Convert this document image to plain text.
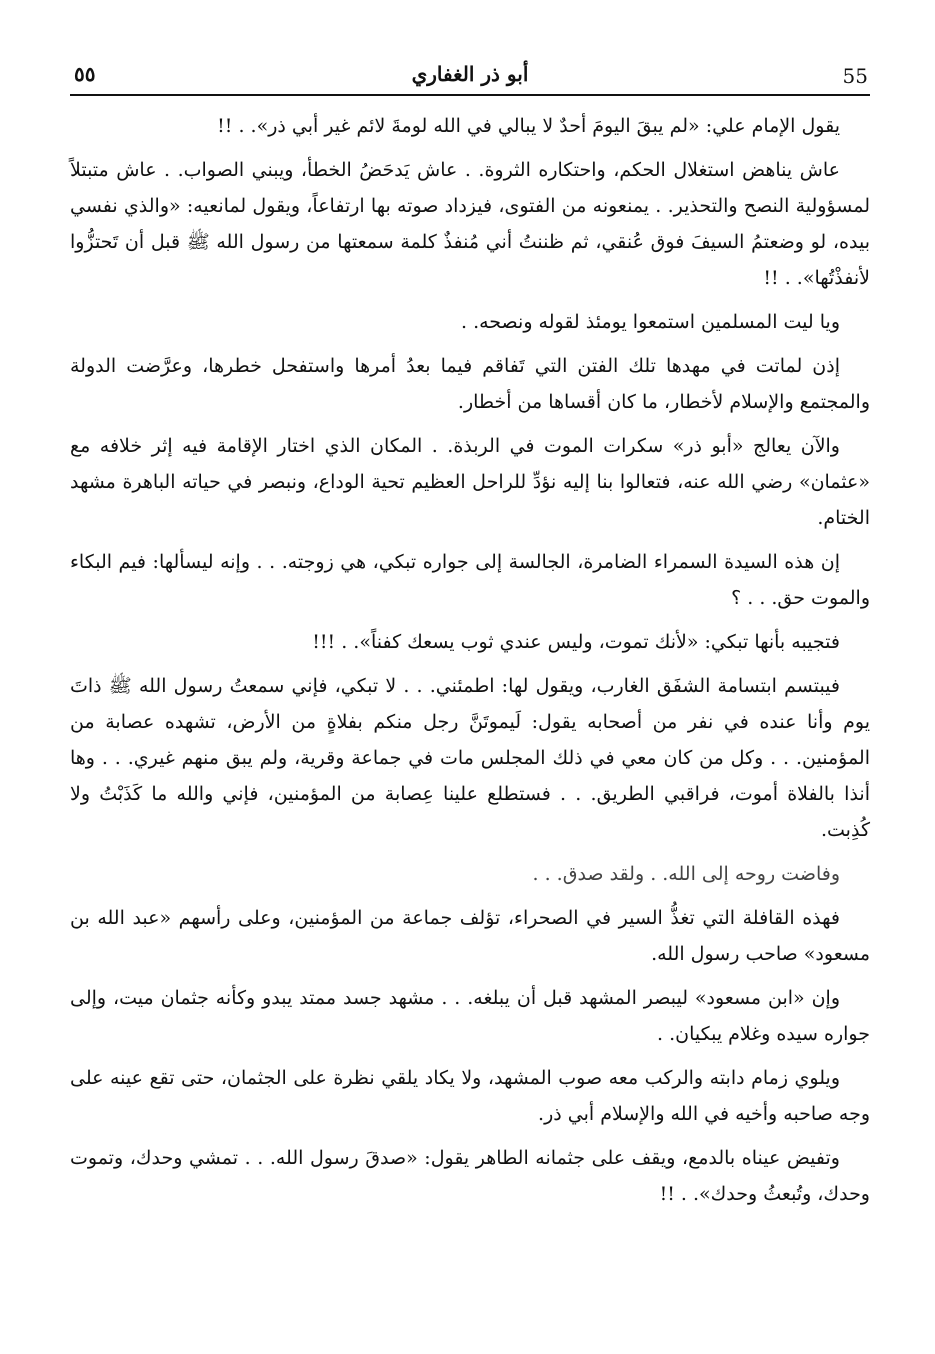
٥٥	أبو ذر الغفاري	55

يقول الإمام علي: «لم يبقَ اليومَ أحدٌ لا يبالي في الله لومةَ لائم غير أبي ذر». . !!

عاش يناهض استغلال الحكم، واحتكاره الثروة. . عاش يَدحَضُ الخطأ، ويبني الصواب. . عاش متبتلاً لمسؤولية النصح والتحذير. . يمنعونه من الفتوى، فيزداد صوته بها ارتفاعاً، ويقول لمانعيه: «والذي نفسي بيده، لو وضعتمُ السيفَ فوق عُنقي، ثم ظننتُ أني مُنفذٌ كلمة سمعتها من رسول الله ﷺ قبل أن تَحتزُّوا لأنفذْتُها». . !!

ويا ليت المسلمين استمعوا يومئذ لقوله ونصحه. .

إذن لماتت في مهدها تلك الفتن التي تَفاقم فيما بعدُ أمرها واستفحل خطرها، وعرَّضت الدولة والمجتمع والإسلام لأخطار، ما كان أقساها من أخطار.

والآن يعالج «أبو ذر» سكرات الموت في الربذة. . المكان الذي اختار الإقامة فيه إثر خلافه مع «عثمان» رضي الله عنه، فتعالوا بنا إليه نؤدِّ للراحل العظيم تحية الوداع، ونبصر في حياته الباهرة مشهد الختام.

إن هذه السيدة السمراء الضامرة، الجالسة إلى جواره تبكي، هي زوجته. . . وإنه ليسألها: فيم البكاء والموت حق. . . ؟

فتجيبه بأنها تبكي: «لأنك تموت، وليس عندي ثوب يسعك كفناً». . !!!

فيبتسم ابتسامة الشفَق الغارب، ويقول لها: اطمئني. . . لا تبكي، فإني سمعتُ رسول الله ﷺ ذاتَ يوم وأنا عنده في نفر من أصحابه يقول: لَيموتَنَّ رجل منكم بفلاةٍ من الأرض، تشهده عصابة من المؤمنين. . . وكل من كان معي في ذلك المجلس مات في جماعة وقرية، ولم يبق منهم غيري. . . وها أنذا بالفلاة أموت، فراقبي الطريق. . . فستطلع علينا عِصابة من المؤمنين، فإني والله ما كَذَبْتُ ولا كُذِبت.

وفاضت روحه إلى الله. . ولقد صدق. . .

فهذه القافلة التي تغذُّ السير في الصحراء، تؤلف جماعة من المؤمنين، وعلى رأسهم «عبد الله بن مسعود» صاحب رسول الله.

وإن «ابن مسعود» ليبصر المشهد قبل أن يبلغه. . . مشهد جسد ممتد يبدو وكأنه جثمان ميت، وإلى جواره سيده وغلام يبكيان. .

ويلوي زمام دابته والركب معه صوب المشهد، ولا يكاد يلقي نظرة على الجثمان، حتى تقع عينه على وجه صاحبه وأخيه في الله والإسلام أبي ذر.

وتفيض عيناه بالدمع، ويقف على جثمانه الطاهر يقول: «صدقَ رسول الله. . . تمشي وحدك، وتموت وحدك، وتُبعثُ وحدك». . !!
